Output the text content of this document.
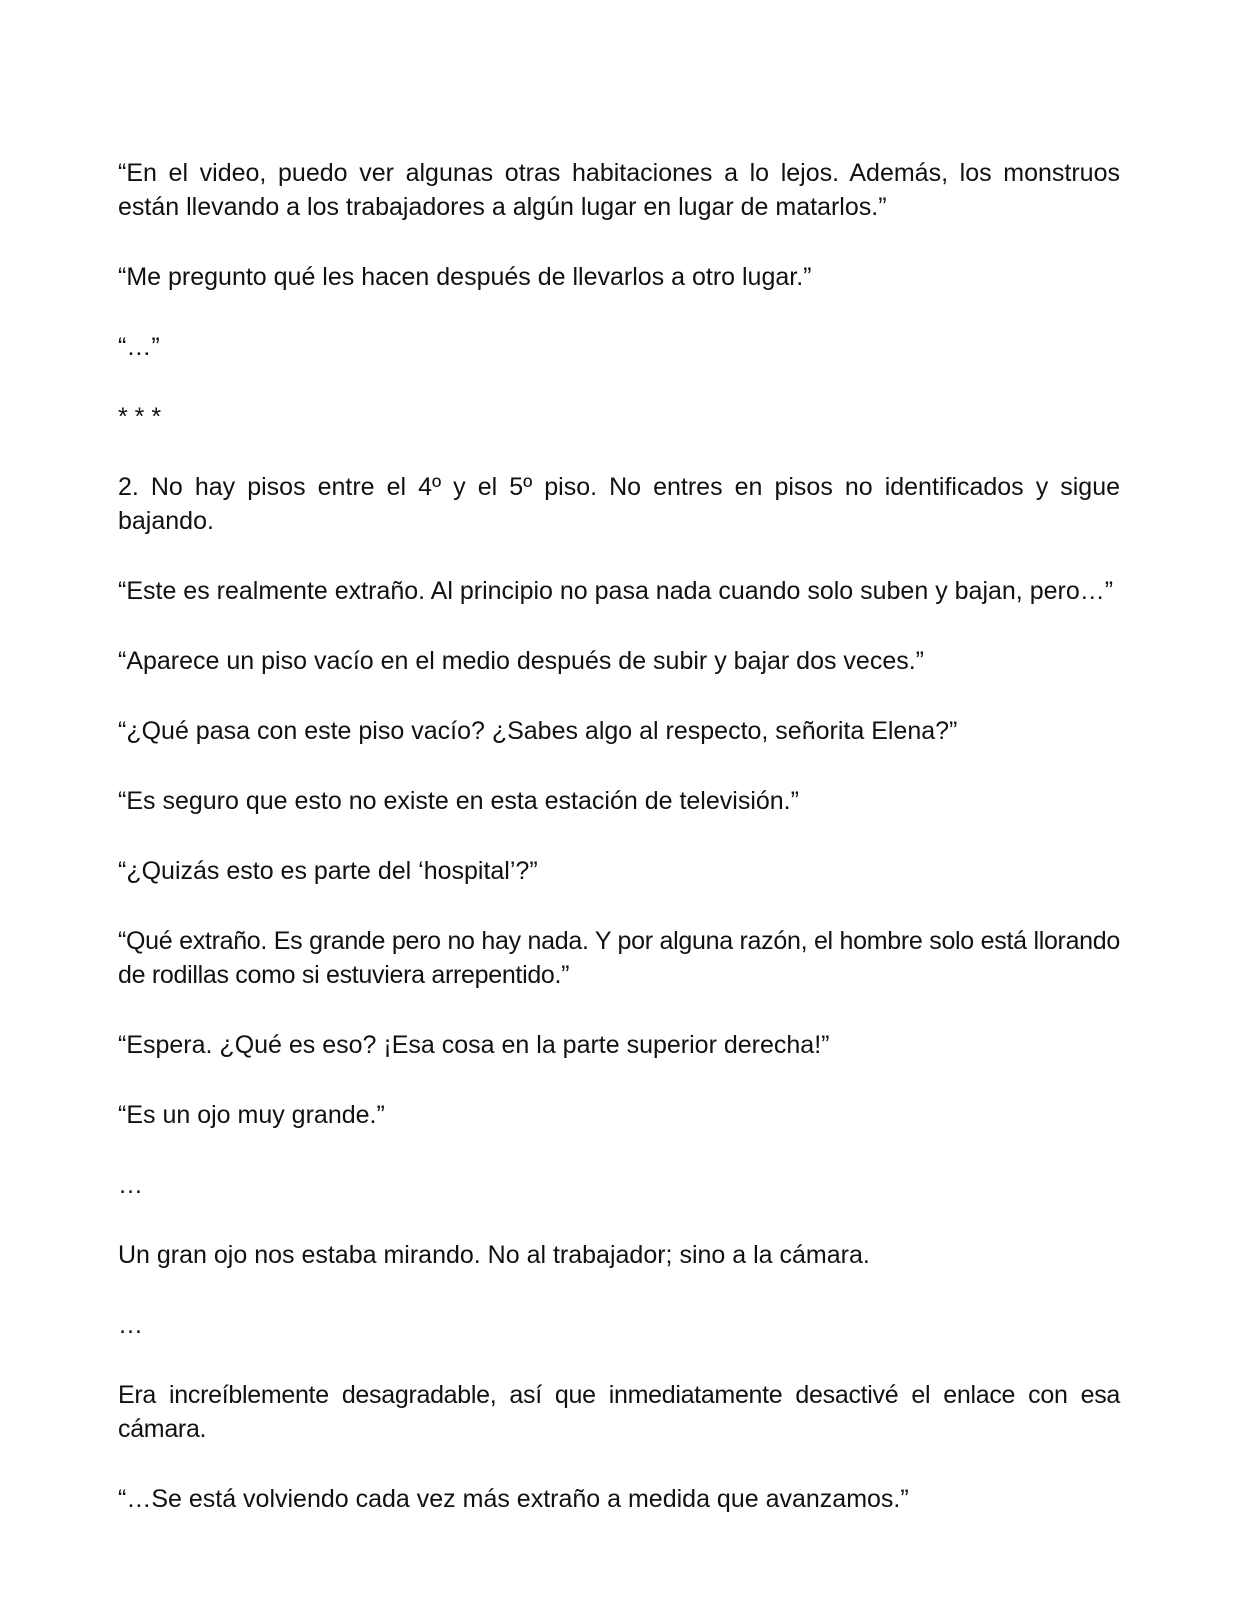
“En el video, puedo ver algunas otras habitaciones a lo lejos. Además, los monstruos están llevando a los trabajadores a algún lugar en lugar de matarlos.”

“Me pregunto qué les hacen después de llevarlos a otro lugar.”

“…”

* * *

2. No hay pisos entre el 4º y el 5º piso. No entres en pisos no identificados y sigue bajando.

“Este es realmente extraño. Al principio no pasa nada cuando solo suben y bajan, pero…”

“Aparece un piso vacío en el medio después de subir y bajar dos veces.”

“¿Qué pasa con este piso vacío? ¿Sabes algo al respecto, señorita Elena?”

“Es seguro que esto no existe en esta estación de televisión.”

“¿Quizás esto es parte del ‘hospital’?”

“Qué extraño. Es grande pero no hay nada. Y por alguna razón, el hombre solo está llorando de rodillas como si estuviera arrepentido.”

“Espera. ¿Qué es eso? ¡Esa cosa en la parte superior derecha!”

“Es un ojo muy grande.”

…

Un gran ojo nos estaba mirando. No al trabajador; sino a la cámara.

…

Era increíblemente desagradable, así que inmediatamente desactivé el enlace con esa cámara.

“…Se está volviendo cada vez más extraño a medida que avanzamos.”
